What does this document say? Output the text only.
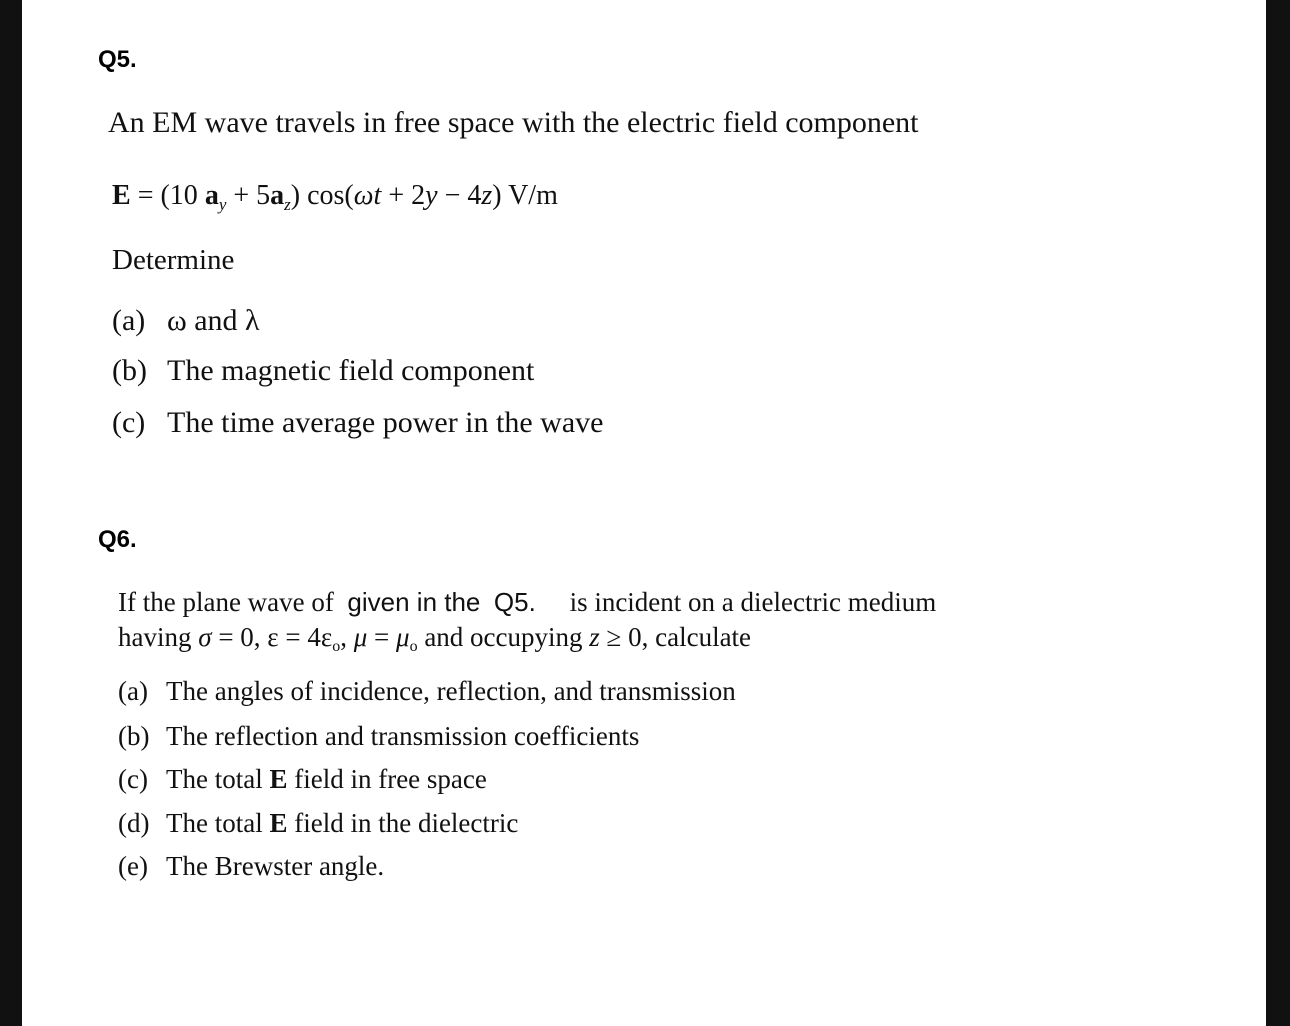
Q5.
An EM wave travels in free space with the electric field component
E = (10 $a_y + 5a_z$) cos(ωt + 2y − 4z) V/m
Determine
(a) ω and λ
(b) The magnetic field component
(c) The time average power in the wave
Q6.
If the plane wave of given in the Q5. is incident on a dielectric medium
having σ = 0, $\varepsilon = 4\varepsilon_o$, $\mu = \mu_o$ and occupying z ≥ 0, calculate
(a) The angles of incidence, reflection, and transmission
(b) The reflection and transmission coefficients
(c) The total E field in free space
(d) The total E field in the dielectric
(e) The Brewster angle.
